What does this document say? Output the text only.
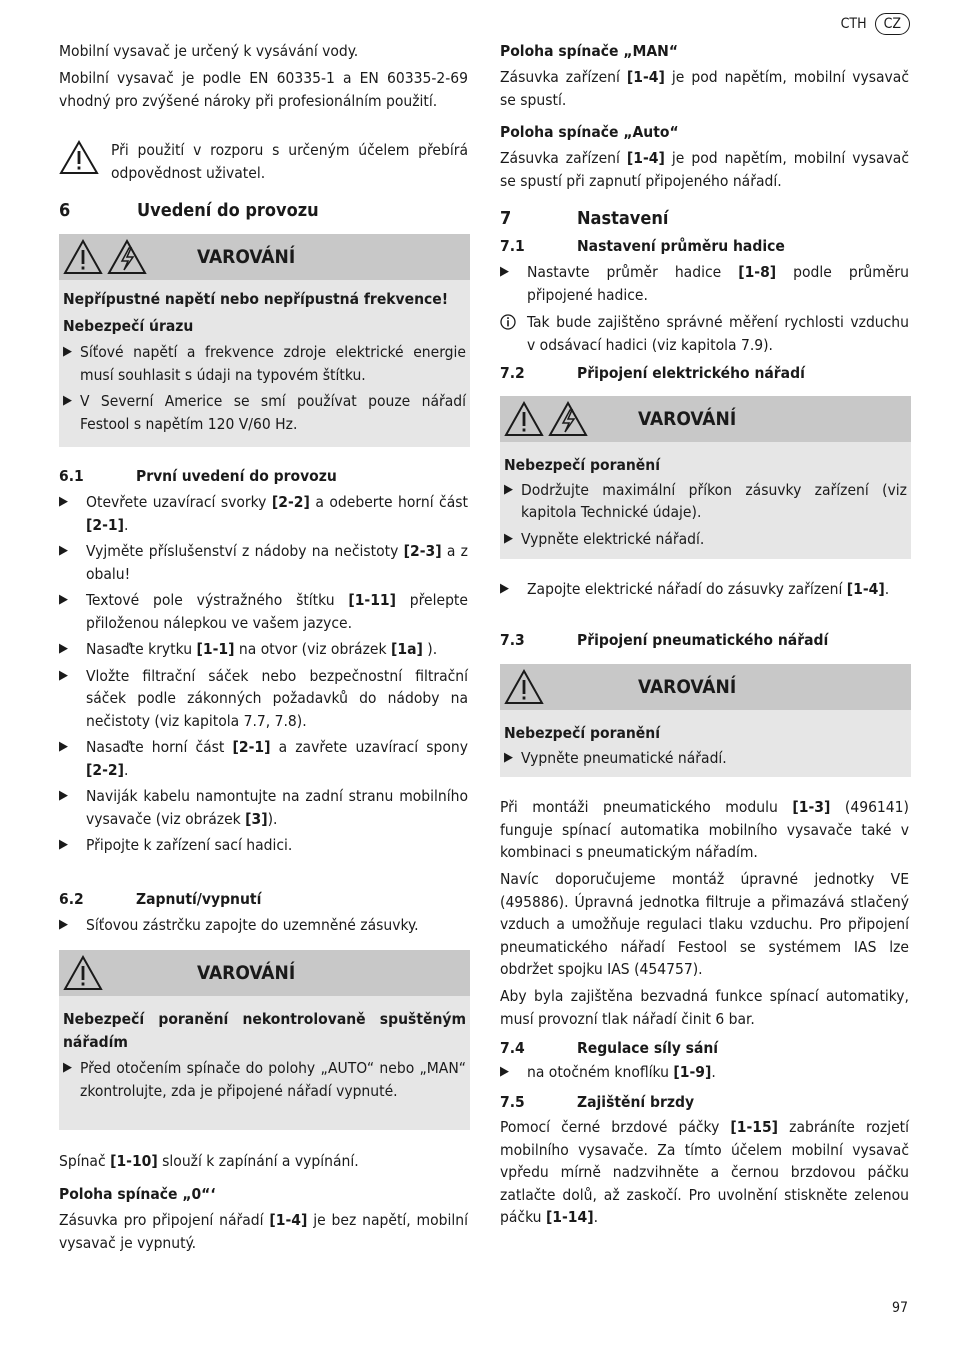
CTH	CZ

Mobilní vysavač je určený k vysávání vody.

Mobilní vysavač je podle EN 60335-1 a EN 60335-2-69 vhodný pro zvýšené nároky při profesionálním použití.

Při použití v rozporu s určeným účelem přebírá odpovědnost uživatel.

6	Uvedení do provozu
VAROVÁNÍ
Nepřípustné napětí nebo nepřípustná frekvence!
Nebezpečí úrazu
▶ Síťové napětí a frekvence zdroje elektrické energie musí souhlasit s údaji na typovém štítku.
▶ V Severní Americe se smí používat pouze nářadí Festool s napětím 120 V/60 Hz.
6.1	První uvedení do provozu
▶	Otevřete uzavírací svorky [2-2] a odeberte horní část [2-1].
▶	Vyjměte příslušenství z nádoby na nečistoty [2-3] a z obalu!
▶	Textové pole výstražného štítku [1-11] přelepte přiloženou nálepkou ve vašem jazyce.
▶	Nasaďte krytku [1-1] na otvor (viz obrázek [1a] ).
▶	Vložte filtrační sáček nebo bezpečnostní filtrační sáček podle zákonných požadavků do nádoby na nečistoty (viz kapitola 7.7, 7.8).
▶	Nasaďte horní část [2-1] a zavřete uzavírací spony [2-2].
▶	Naviják kabelu namontujte na zadní stranu mobilního vysavače (viz obrázek [3]).
▶	Připojte k zařízení sací hadici.
6.2	Zapnutí/vypnutí
▶	Síťovou zástrčku zapojte do uzemněné zásuvky.
VAROVÁNÍ
Nebezpečí poranění nekontrolovaně spuštěným nářadím
▶ Před otočením spínače do polohy „AUTO“ nebo „MAN“ zkontrolujte, zda je připojené nářadí vypnuté.

Spínač [1-10] slouží k zapínání a vypínání.

Poloha spínače „0“‘

Zásuvka pro připojení nářadí [1-4] je bez napětí, mobilní vysavač je vypnutý.

Poloha spínače „MAN“

Zásuvka zařízení [1-4] je pod napětím, mobilní vysavač se spustí.

Poloha spínače „Auto“

Zásuvka zařízení [1-4] je pod napětím, mobilní vysavač se spustí při zapnutí připojeného nářadí.

7	Nastavení
7.1	Nastavení průměru hadice
▶	Nastavte průměr hadice [1-8] podle průměru připojené hadice.
Tak bude zajištěno správné měření rychlosti vzduchu v odsávací hadici (viz kapitola 7.9).
7.2	Připojení elektrického nářadí
VAROVÁNÍ
Nebezpečí poranění
▶ Dodržujte maximální příkon zásuvky zařízení (viz kapitola Technické údaje).
▶ Vypněte elektrické nářadí.
▶	Zapojte elektrické nářadí do zásuvky zařízení [1-4].
7.3	Připojení pneumatického nářadí
VAROVÁNÍ
Nebezpečí poranění
▶ Vypněte pneumatické nářadí.

Při montáži pneumatického modulu [1-3] (496141) funguje spínací automatika mobilního vysavače také v kombinaci s pneumatickým nářadím.

Navíc doporučujeme montáž úpravné jednotky VE (495886). Úpravná jednotka filtruje a přimazává stlačený vzduch a umožňuje regulaci tlaku vzduchu. Pro připojení pneumatického nářadí Festool se systémem IAS lze obdržet spojku IAS (454757).

Aby byla zajištěna bezvadná funkce spínací automatiky, musí provozní tlak nářadí činit 6 bar.

7.4	Regulace síly sání
▶	na otočném knoflíku [1-9].
7.5	Zajištění brzdy

Pomocí černé brzdové páčky [1-15] zabráníte rozjetí mobilního vysavače. Za tímto účelem mobilní vysavač vpředu mírně nadzvihněte a černou brzdovou páčku zatlačte dolů, až zaskočí. Pro uvolnění stiskněte zelenou páčku [1-14].

97
